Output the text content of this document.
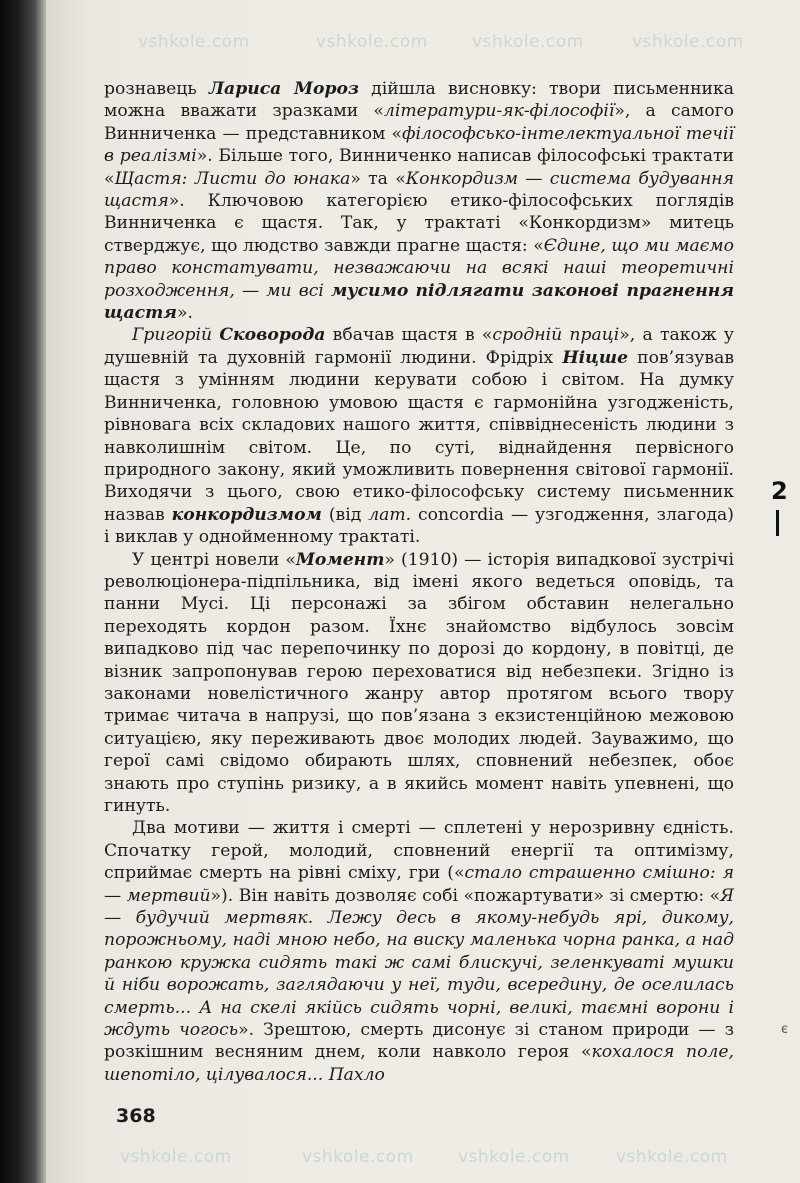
vshkole.com	vshkole.com	vshkole.com	vshkole.com
vshkole.com	vshkole.com	vshkole.com	vshkole.com

рознавець Лариса Мороз дійшла висновку: твори письменника можна вважати зразками «літератури-як-філософії», а самого Винниченка — представником «філософсько-інтелектуальної течії в реалізмі». Більше того, Винниченко написав філософські трактати «Щастя: Листи до юнака» та «Конкордизм — система будування щастя». Ключовою категорією етико-філософських поглядів Винниченка є щастя. Так, у трактаті «Конкордизм» митець стверджує, що людство завжди прагне щастя: «Єдине, що ми маємо право констатувати, незважаючи на всякі наші теоретичні розходження, — ми всі мусимо підлягати законові прагнення щастя».

Григорій Сковорода вбачав щастя в «сродній праці», а також у душевній та духовній гармонії людини. Фрідріх Ніцше пов’язував щастя з умінням людини керувати собою і світом. На думку Винниченка, головною умовою щастя є гармонійна узгодженість, рівновага всіх складових нашого життя, співвіднесеність людини з навколишнім світом. Це, по суті, віднайдення первісного природного закону, який уможливить повернення світової гармонії. Виходячи з цього, свою етико-філософську систему письменник назвав конкордизмом (від лат. concordia — узгодження, злагода) і виклав у однойменному трактаті.

У центрі новели «Момент» (1910) — історія випадкової зустрічі революціонера-підпільника, від імені якого ведеться оповідь, та панни Мусі. Ці персонажі за збігом обставин нелегально переходять кордон разом. Їхнє знайомство відбулось зовсім випадково під час перепочинку по дорозі до кордону, в повітці, де візник запропонував герою переховатися від небезпеки. Згідно із законами новелістичного жанру автор протягом всього твору тримає читача в напрузі, що пов’язана з екзистенційною межовою ситуацією, яку переживають двоє молодих людей. Зауважимо, що герої самі свідомо обирають шлях, сповнений небезпек, обоє знають про ступінь ризику, а в якийсь момент навіть упевнені, що гинуть.

Два мотиви — життя і смерті — сплетені у нерозривну єдність. Спочатку герой, молодий, сповнений енергії та оптимізму, сприймає смерть на рівні сміху, гри («стало страшенно смішно: я — мертвий»). Він навіть дозволяє собі «пожартувати» зі смертю: «Я — будучий мертвяк. Лежу десь в якому-небудь ярі, дикому, порожньому, наді мною небо, на виску маленька чорна ранка, а над ранкою кружка сидять такі ж самі блискучі, зеленкуваті мушки й ніби ворожать, заглядаючи у неї, туди, всередину, де оселилась смерть... А на скелі якійсь сидять чорні, великі, таємні ворони і ждуть чогось». Зрештою, смерть дисонує зі станом природи — з розкішним весняним днем, коли навколо героя «кохалося поле, шепотіло, цілувалося... Пахло

2
є
368
